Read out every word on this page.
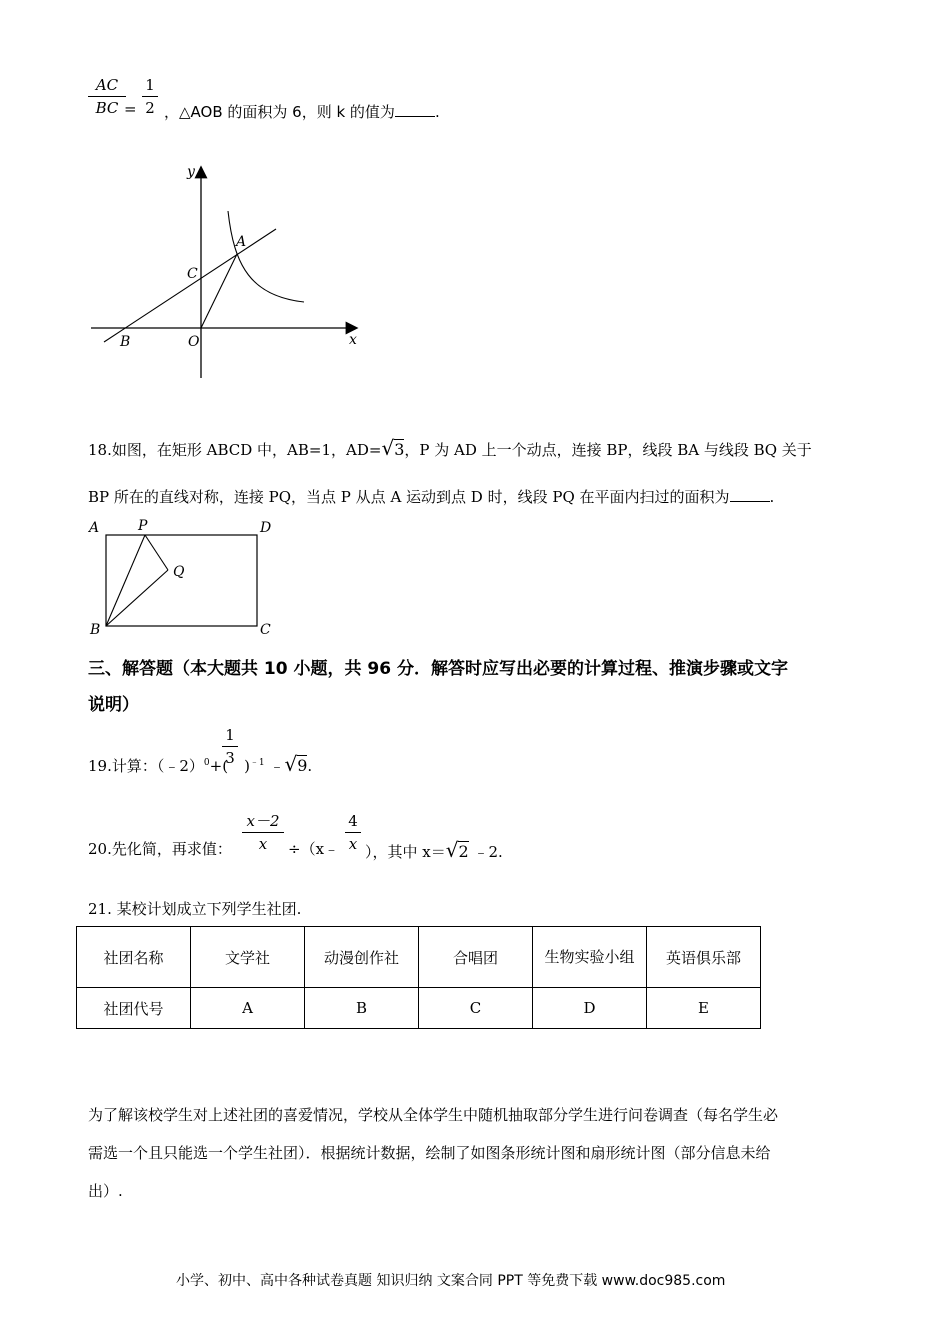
AC
BC =
1
2 ，△AOB 的面积为 6，则 k 的值为	.
y
x
A
C
B	O
18.如图，在矩形 ABCD 中，AB=1，AD=√3，P 为 AD 上一个动点，连接 BP，线段 BA 与线段 BQ 关于
BP 所在的直线对称，连接 PQ，当点 P 从点 A 运动到点 D 时，线段 PQ 在平面内扫过的面积为	.
A	P	D
Q
B	C
三、解答题（本大题共 10 小题，共 96 分．解答时应写出必要的计算过程、推演步骤或文字
说明）
19.计算：（﹣2）$^0$+( )$^{﹣1}$ ﹣√9.
1
3
20.先化简，再求值：
x－2
x	÷（x﹣
4
x ），其中 x＝√2 ﹣2.
21. 某校计划成立下列学生社团.
社团名称	文学社	动漫创作社	合唱团	生物实验小组	英语俱乐部
社团代号	A	B	C	D	E
为了解该校学生对上述社团的喜爱情况，学校从全体学生中随机抽取部分学生进行问卷调查（每名学生必
需选一个且只能选一个学生社团）．根据统计数据，绘制了如图条形统计图和扇形统计图（部分信息未给
出）.
小学、初中、高中各种试卷真题 知识归纳 文案合同 PPT 等免费下载 www.doc985.com
